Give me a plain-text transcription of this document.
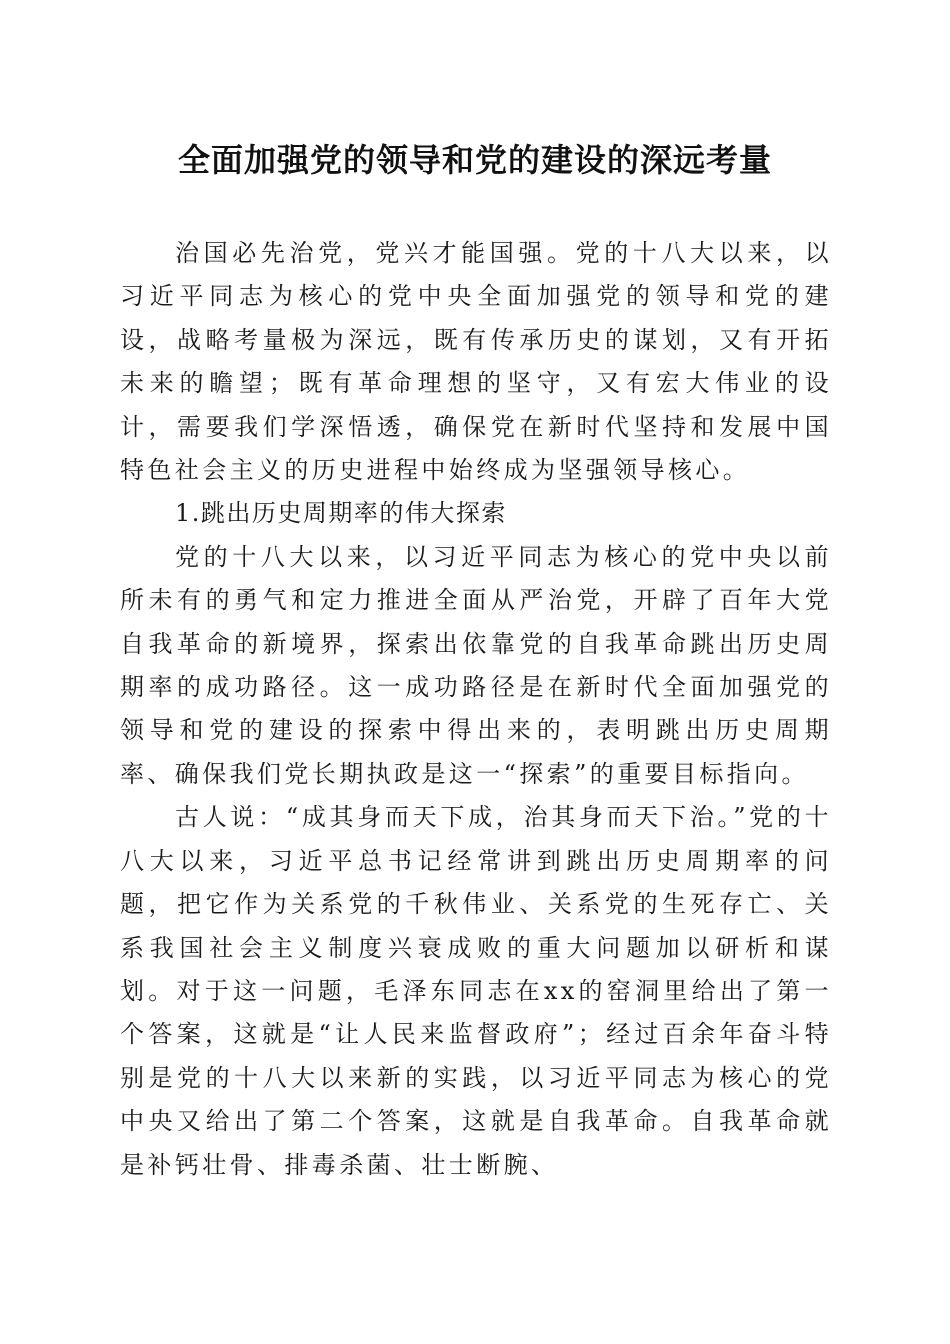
全面加强党的领导和党的建设的深远考量

治国必先治党，党兴才能国强。党的十八大以来，以习近平同志为核心的党中央全面加强党的领导和党的建设，战略考量极为深远，既有传承历史的谋划，又有开拓未来的瞻望；既有革命理想的坚守，又有宏大伟业的设计，需要我们学深悟透，确保党在新时代坚持和发展中国特色社会主义的历史进程中始终成为坚强领导核心。

1.跳出历史周期率的伟大探索

党的十八大以来，以习近平同志为核心的党中央以前所未有的勇气和定力推进全面从严治党，开辟了百年大党自我革命的新境界，探索出依靠党的自我革命跳出历史周期率的成功路径。这一成功路径是在新时代全面加强党的领导和党的建设的探索中得出来的，表明跳出历史周期率、确保我们党长期执政是这一“探索”的重要目标指向。

古人说：“成其身而天下成，治其身而天下治。”党的十八大以来，习近平总书记经常讲到跳出历史周期率的问题，把它作为关系党的千秋伟业、关系党的生死存亡、关系我国社会主义制度兴衰成败的重大问题加以研析和谋划。对于这一问题，毛泽东同志在xx的窑洞里给出了第一个答案，这就是“让人民来监督政府”；经过百余年奋斗特别是党的十八大以来新的实践，以习近平同志为核心的党中央又给出了第二个答案，这就是自我革命。自我革命就是补钙壮骨、排毒杀菌、壮士断腕、
